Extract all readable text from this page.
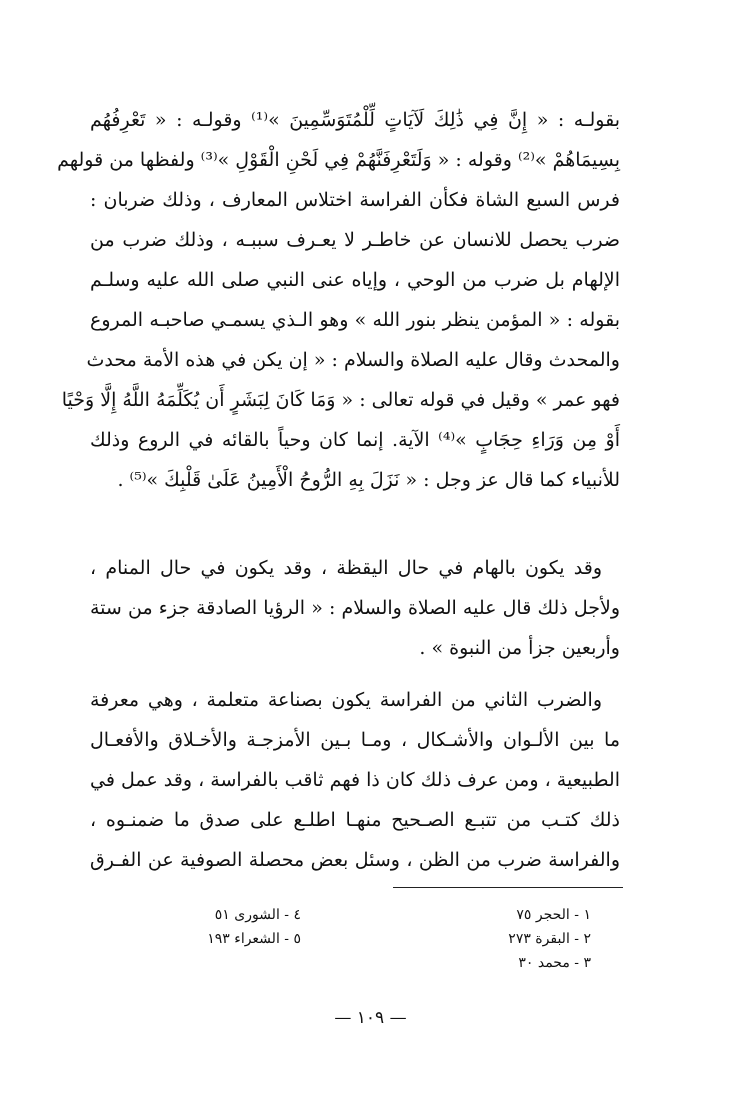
بقولـه : « إِنَّ فِي ذَٰلِكَ لَآيَاتٍ لِّلْمُتَوَسِّمِينَ »⁽¹⁾ وقولـه : « تَعْرِفُهُم
بِسِيمَاهُمْ »⁽²⁾ وقوله : « وَلَتَعْرِفَنَّهُمْ فِي لَحْنِ الْقَوْلِ »⁽³⁾ ولفظها من قولهم
فرس السبع الشاة فكأن الفراسة اختلاس المعارف ، وذلك ضربان :
ضرب يحصل للانسان عن خاطـر لا يعـرف سببـه ، وذلك ضرب من
الإلهام بل ضرب من الوحي ، وإياه عنى النبي صلى الله عليه وسلـم
بقوله : « المؤمن ينظر بنور الله » وهو الـذي يسمـي صاحبـه المروع
والمحدث وقال عليه الصلاة والسلام : « إن يكن في هذه الأمة محدث
فهو عمر » وقيل في قوله تعالى : « وَمَا كَانَ لِبَشَرٍ أَن يُكَلِّمَهُ اللَّهُ إِلَّا وَحْيًا
أَوْ مِن وَرَاءِ حِجَابٍ »⁽⁴⁾ الآية. إنما كان وحياً بالقائه في الروع وذلك
للأنبياء كما قال عز وجل : « نَزَلَ بِهِ الرُّوحُ الْأَمِينُ عَلَىٰ قَلْبِكَ »⁽⁵⁾ .
وقد يكون بالهام في حال اليقظة ، وقد يكون في حال المنام ،
ولأجل ذلك قال عليه الصلاة والسلام : « الرؤيا الصادقة جزء من ستة
وأربعين جزأ من النبوة » .
والضرب الثاني من الفراسة يكون بصناعة متعلمة ، وهي معرفة
ما بين الألـوان والأشـكال ، ومـا بـين الأمزجـة والأخـلاق والأفعـال
الطبيعية ، ومن عرف ذلك كان ذا فهم ثاقب بالفراسة ، وقد عمل في
ذلك كتـب من تتبـع الصـحيح منهـا اطلـع على صدق ما ضمنـوه ،
والفراسة ضرب من الظن ، وسئل بعض محصلة الصوفية عن الفـرق
١ - الحجر ٧٥
٢ - البقرة ٢٧٣
٣ - محمد ٣٠
٤ - الشورى ٥١
٥ - الشعراء ١٩٣
— ١٠٩ —
